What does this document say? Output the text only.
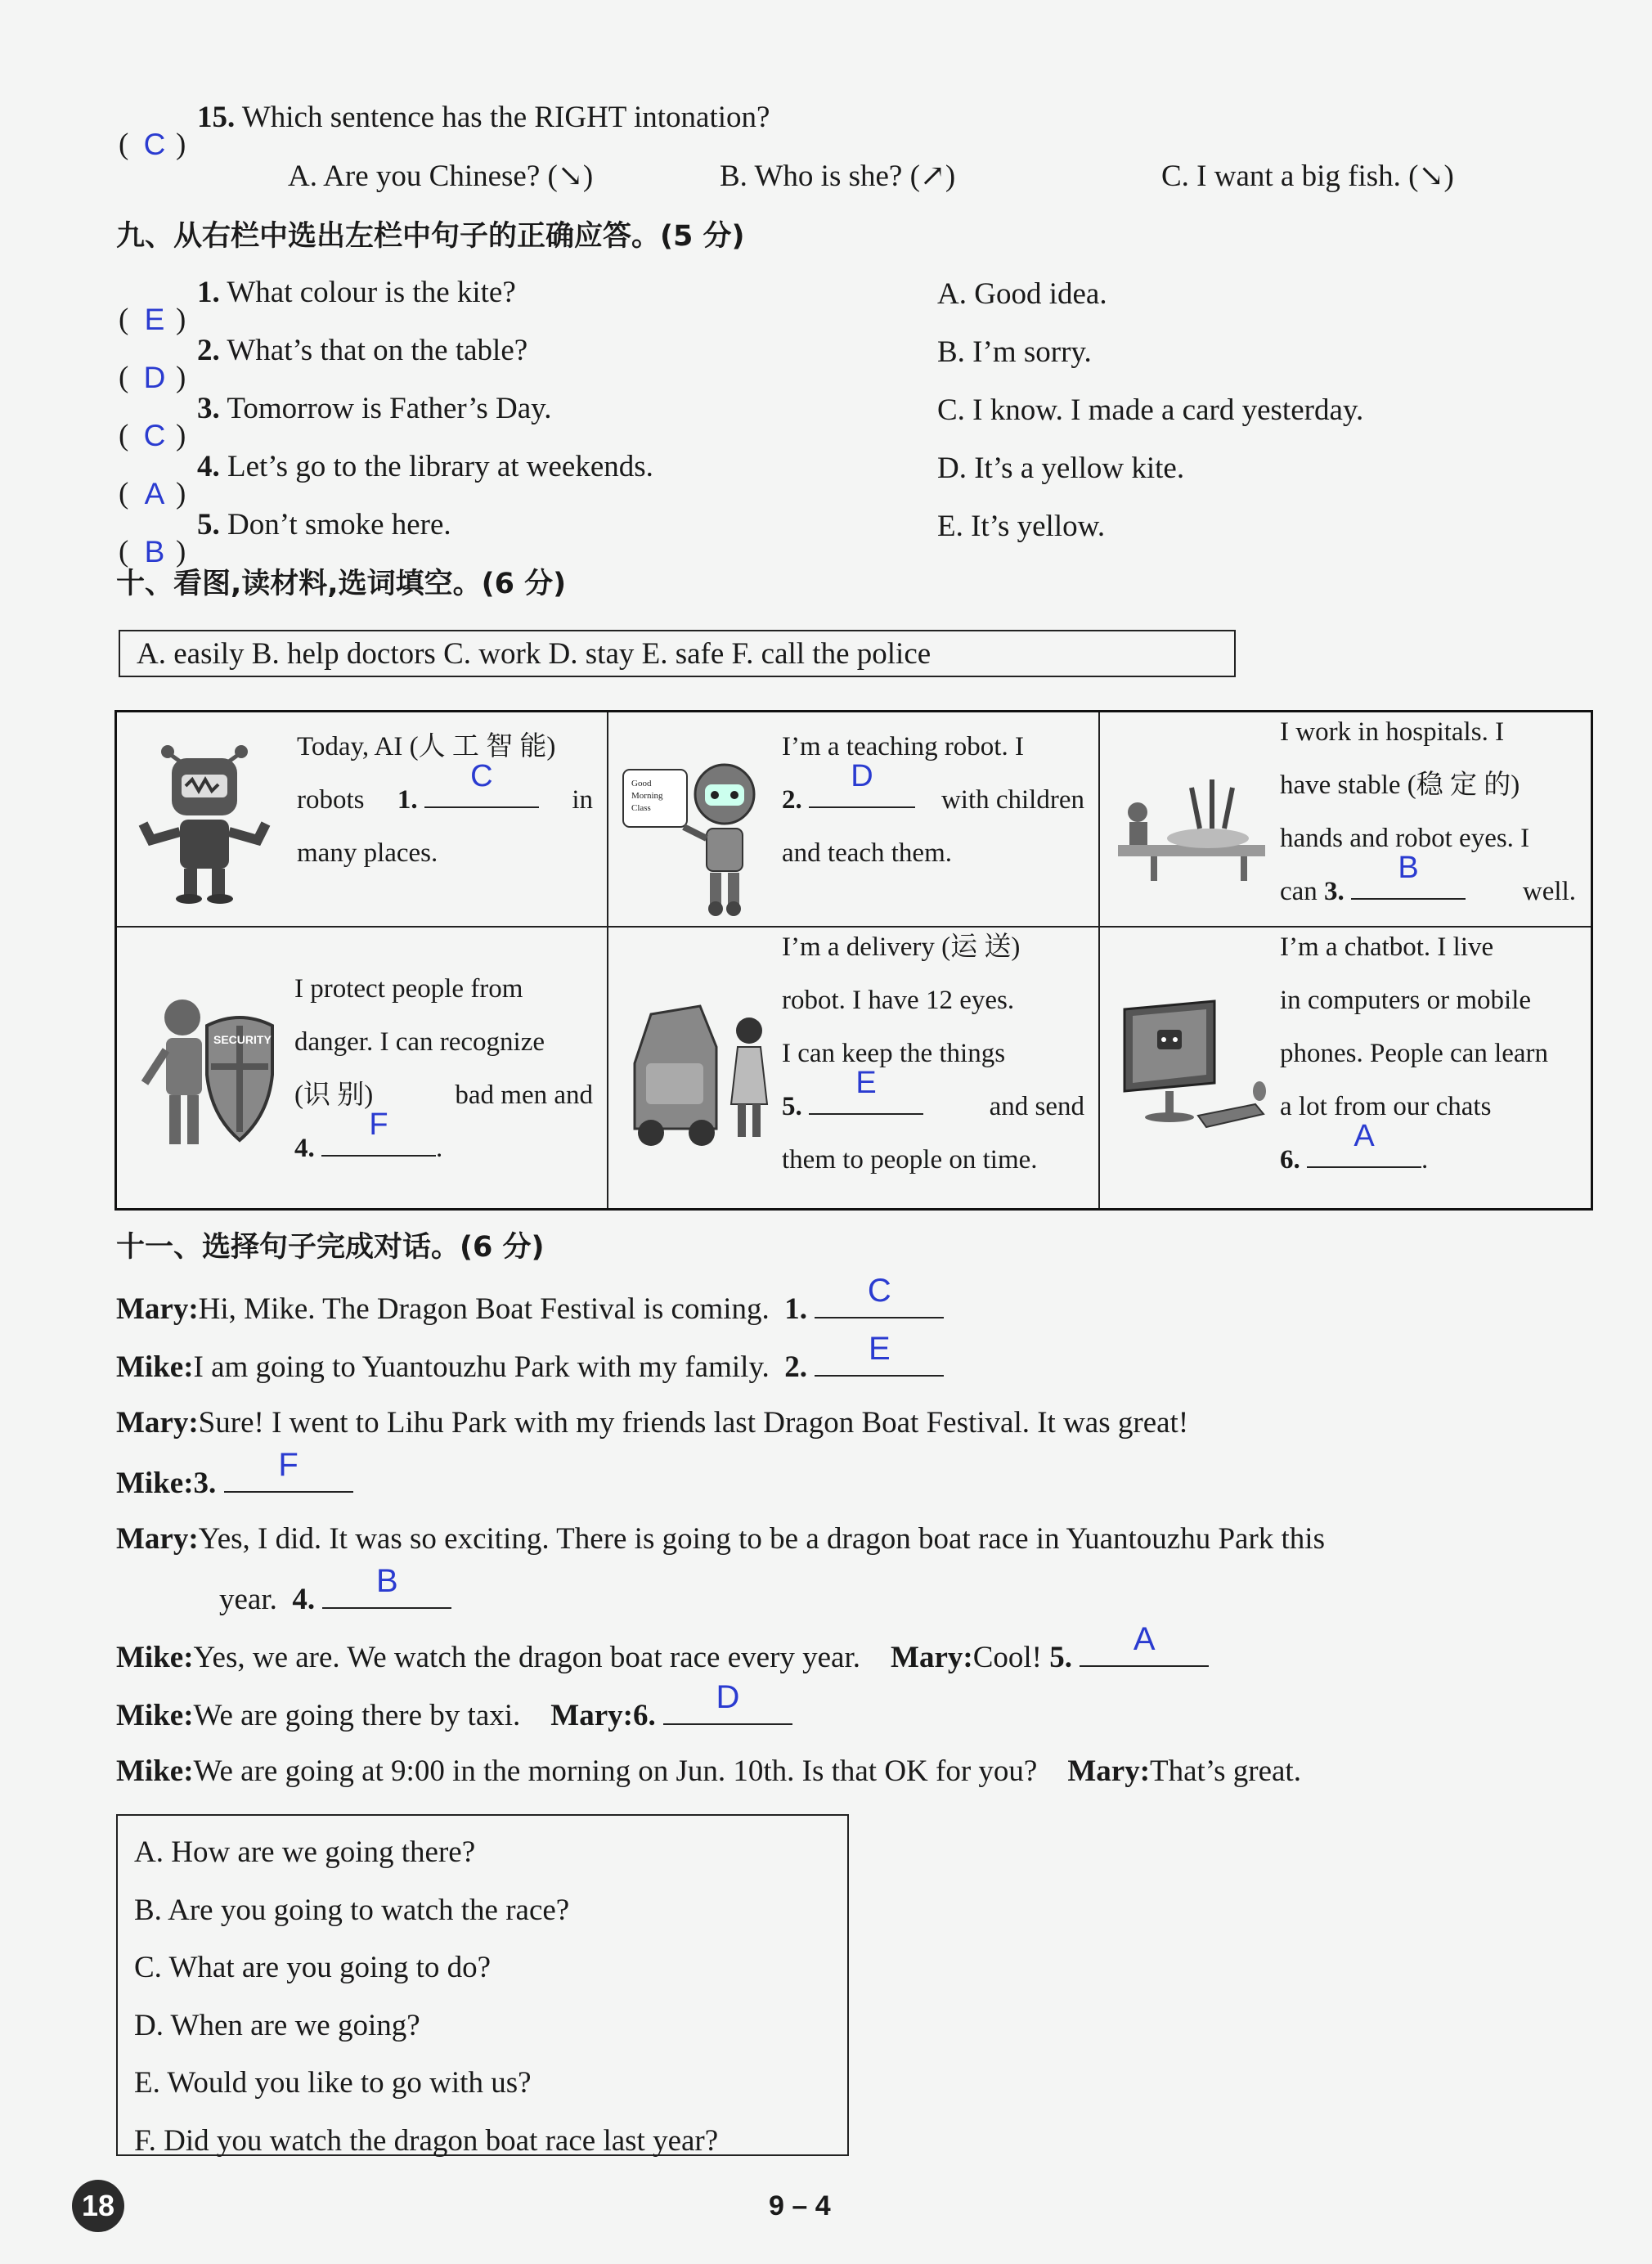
( C )
15. Which sentence has the RIGHT intonation?
A. Are you Chinese? (↘)	B. Who is she? (↗)	C. I want a big fish. (↘)
九、从右栏中选出左栏中句子的正确应答。(5 分)
( E )
1. What colour is the kite?
( D )
2. What’s that on the table?
( C )
3. Tomorrow is Father’s Day.
( A )
4. Let’s go to the library at weekends.
( B )
5. Don’t smoke here.
A. Good idea.
B. I’m sorry.
C. I know. I made a card yesterday.
D. It’s a yellow kite.
E. It’s yellow.
十、看图,读材料,选词填空。(6 分)
A. easily B. help doctors C. work D. stay E. safe F. call the police
Today, AI (人 工 智 能)
robots 1.
C
in
many places.
Good
Morning
Class
I’m a teaching robot. I
2.
D
with children
and teach them.
I work in hospitals. I
have stable (稳 定 的)
hands and robot eyes. I
can 3.
B
well.
SECURITY
I protect people from
danger. I can recognize
(识 别)	bad men and
4.
F
.
I’m a delivery (运 送)
robot. I have 12 eyes.
I can keep the things
5.
E
and send
them to people on time.
I’m a chatbot. I live
in computers or mobile
phones. People can learn
a lot from our chats
6.
A
.
十一、选择句子完成对话。(6 分)
Mary:Hi, Mike. The Dragon Boat Festival is coming. 1.
C
Mike:I am going to Yuantouzhu Park with my family. 2.
E
Mary:Sure! I went to Lihu Park with my friends last Dragon Boat Festival. It was great!
Mike:3.
F
Mary:Yes, I did. It was so exciting. There is going to be a dragon boat race in Yuantouzhu Park this
year. 4.
B
Mike:Yes, we are. We watch the dragon boat race every year. Mary:Cool! 5.
A
Mike:We are going there by taxi. Mary:6.
D
Mike:We are going at 9:00 in the morning on Jun. 10th. Is that OK for you? Mary:That’s great.
A. How are we going there?
B. Are you going to watch the race?
C. What are you going to do?
D. When are we going?
E. Would you like to go with us?
F. Did you watch the dragon boat race last year?
18	9 – 4
